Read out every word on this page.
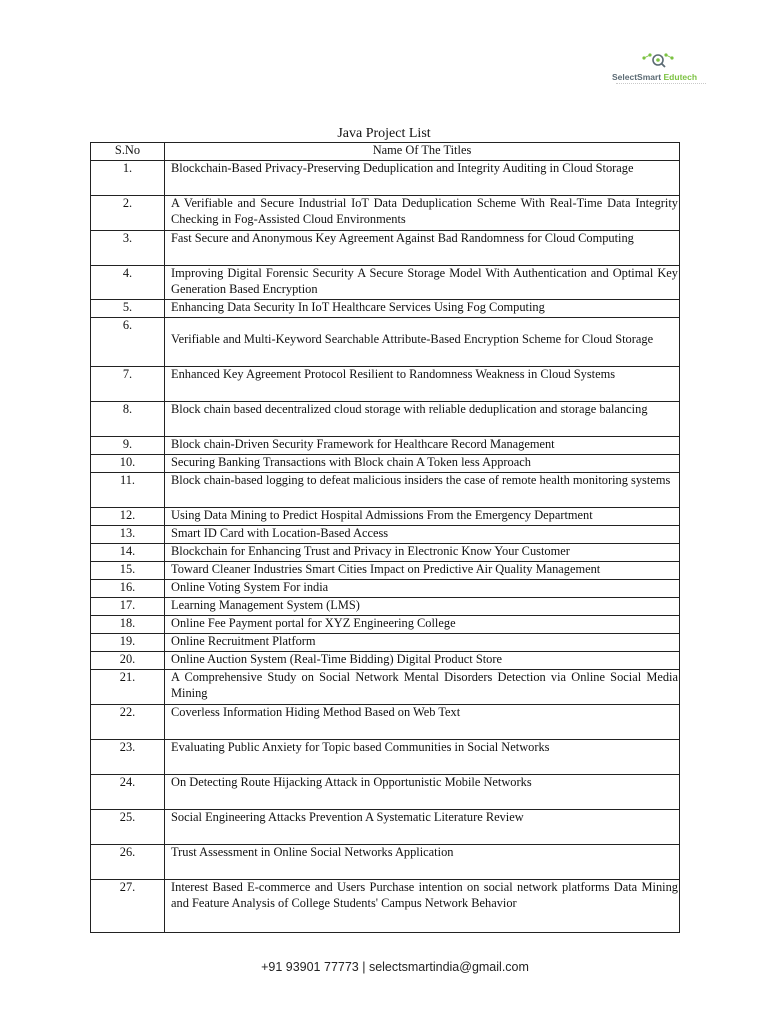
SelectSmart Edutech
Java Project List
S.No	Name Of The Titles
1.	Blockchain-Based Privacy-Preserving Deduplication and Integrity Auditing in Cloud Storage
2.	A Verifiable and Secure Industrial IoT Data Deduplication Scheme With Real-Time Data Integrity Checking in Fog-Assisted Cloud Environments
3.	Fast Secure and Anonymous Key Agreement Against Bad Randomness for Cloud Computing
4.	Improving Digital Forensic Security A Secure Storage Model With Authentication and Optimal Key Generation Based Encryption
5.	Enhancing Data Security In IoT Healthcare Services Using Fog Computing
6.	Verifiable and Multi-Keyword Searchable Attribute-Based Encryption Scheme for Cloud Storage
7.	Enhanced Key Agreement Protocol Resilient to Randomness Weakness in Cloud Systems
8.	Block chain based decentralized cloud storage with reliable deduplication and storage balancing
9.	Block chain-Driven Security Framework for Healthcare Record Management
10.	Securing Banking Transactions with Block chain A Token less Approach
11.	Block chain-based logging to defeat malicious insiders the case of remote health monitoring systems
12.	Using Data Mining to Predict Hospital Admissions From the Emergency Department
13.	Smart ID Card with Location-Based Access
14.	Blockchain for Enhancing Trust and Privacy in Electronic Know Your Customer
15.	Toward Cleaner Industries Smart Cities Impact on Predictive Air Quality Management
16.	Online Voting System For india
17.	Learning Management System (LMS)
18.	Online Fee Payment portal for XYZ Engineering College
19.	Online Recruitment Platform
20.	Online Auction System (Real-Time Bidding) Digital Product Store
21.	A Comprehensive Study on Social Network Mental Disorders Detection via Online Social Media Mining
22.	Coverless Information Hiding Method Based on Web Text
23.	Evaluating Public Anxiety for Topic based Communities in Social Networks
24.	On Detecting Route Hijacking Attack in Opportunistic Mobile Networks
25.	Social Engineering Attacks Prevention A Systematic Literature Review
26.	Trust Assessment in Online Social Networks Application
27.	Interest Based E-commerce and Users Purchase intention on social network platforms Data Mining and Feature Analysis of College Students' Campus Network Behavior
+91 93901 77773 | selectsmartindia@gmail.com
